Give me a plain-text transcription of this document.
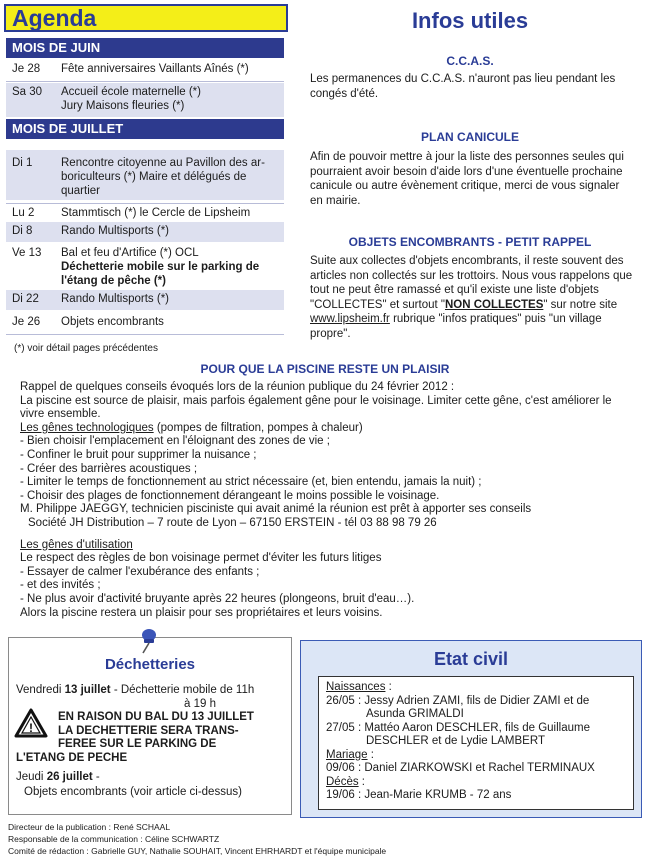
Agenda
MOIS DE JUIN
Je 28	Fête anniversaires Vaillants Aînés (*)
Sa 30	Accueil école maternelle (*)
Jury Maisons fleuries (*)
MOIS DE JUILLET
Di 1	Rencontre citoyenne au Pavillon des ar-
boriculteurs (*) Maire et délégués de
quartier
Lu 2	Stammtisch (*) le Cercle de Lipsheim
Di 8	Rando Multisports (*)
Ve 13	Bal et feu d'Artifice (*) OCL
Déchetterie mobile sur le parking de
l'étang de pêche (*)
Di 22	Rando Multisports (*)
Je 26	Objets encombrants
(*) voir détail pages précédentes
Infos utiles
C.C.A.S.
Les permanences du C.C.A.S. n'auront pas lieu pendant les
congés d'été.
PLAN CANICULE
Afin de pouvoir mettre à jour la liste des personnes seules qui
pourraient avoir besoin d'aide lors d'une éventuelle prochaine
canicule ou autre évènement critique, merci de vous signaler
en mairie.
OBJETS ENCOMBRANTS - PETIT RAPPEL
Suite aux collectes d'objets encombrants, il reste souvent des
articles non collectés sur les trottoirs. Nous vous rappelons que
tout ne peut être ramassé et qu'il existe une liste d'objets
"COLLECTES" et surtout "NON COLLECTES" sur notre site
www.lipsheim.fr rubrique "infos pratiques" puis "un village
propre".
POUR QUE LA PISCINE RESTE UN PLAISIR
Rappel de quelques conseils évoqués lors de la réunion publique du 24 février 2012 :
La piscine est source de plaisir, mais parfois également gêne pour le voisinage. Limiter cette gêne, c'est améliorer le
vivre ensemble.
Les gênes technologiques (pompes de filtration, pompes à chaleur)
- Bien choisir l'emplacement en l'éloignant des zones de vie ;
- Confiner le bruit pour supprimer la nuisance ;
- Créer des barrières acoustiques ;
- Limiter le temps de fonctionnement au strict nécessaire (et, bien entendu, jamais la nuit) ;
- Choisir des plages de fonctionnement dérangeant le moins possible le voisinage.
M. Philippe JAEGGY, technicien pisciniste qui avait animé la réunion est prêt à apporter ses conseils
Société JH Distribution – 7 route de Lyon – 67150 ERSTEIN - tél 03 88 98 79 26
Les gênes d'utilisation
Le respect des règles de bon voisinage permet d'éviter les futurs litiges
- Essayer de calmer l'exubérance des enfants ;
- et des invités ;
- Ne plus avoir d'activité bruyante après 22 heures (plongeons, bruit d'eau…).
Alors la piscine restera un plaisir pour ses propriétaires et leurs voisins.
Déchetteries
Vendredi 13 juillet - Déchetterie mobile de 11h
à 19 h
!
EN RAISON DU BAL DU 13 JUILLET
LA DECHETTERIE SERA TRANS-
FEREE SUR LE PARKING DE
L'ETANG DE PECHE
Jeudi 26 juillet -
Objets encombrants (voir article ci-dessus)
Etat civil
Naissances :
26/05 : Jessy Adrien ZAMI, fils de Didier ZAMI et de
Asunda GRIMALDI
27/05 : Mattéo Aaron DESCHLER, fils de Guillaume
DESCHLER et de Lydie LAMBERT
Mariage :
09/06 : Daniel ZIARKOWSKI et Rachel TERMINAUX
Décès :
19/06 : Jean-Marie KRUMB - 72 ans
Directeur de la publication : René SCHAAL
Responsable de la communication : Céline SCHWARTZ
Comité de rédaction : Gabrielle GUY, Nathalie SOUHAIT, Vincent EHRHARDT et l'équipe municipale
